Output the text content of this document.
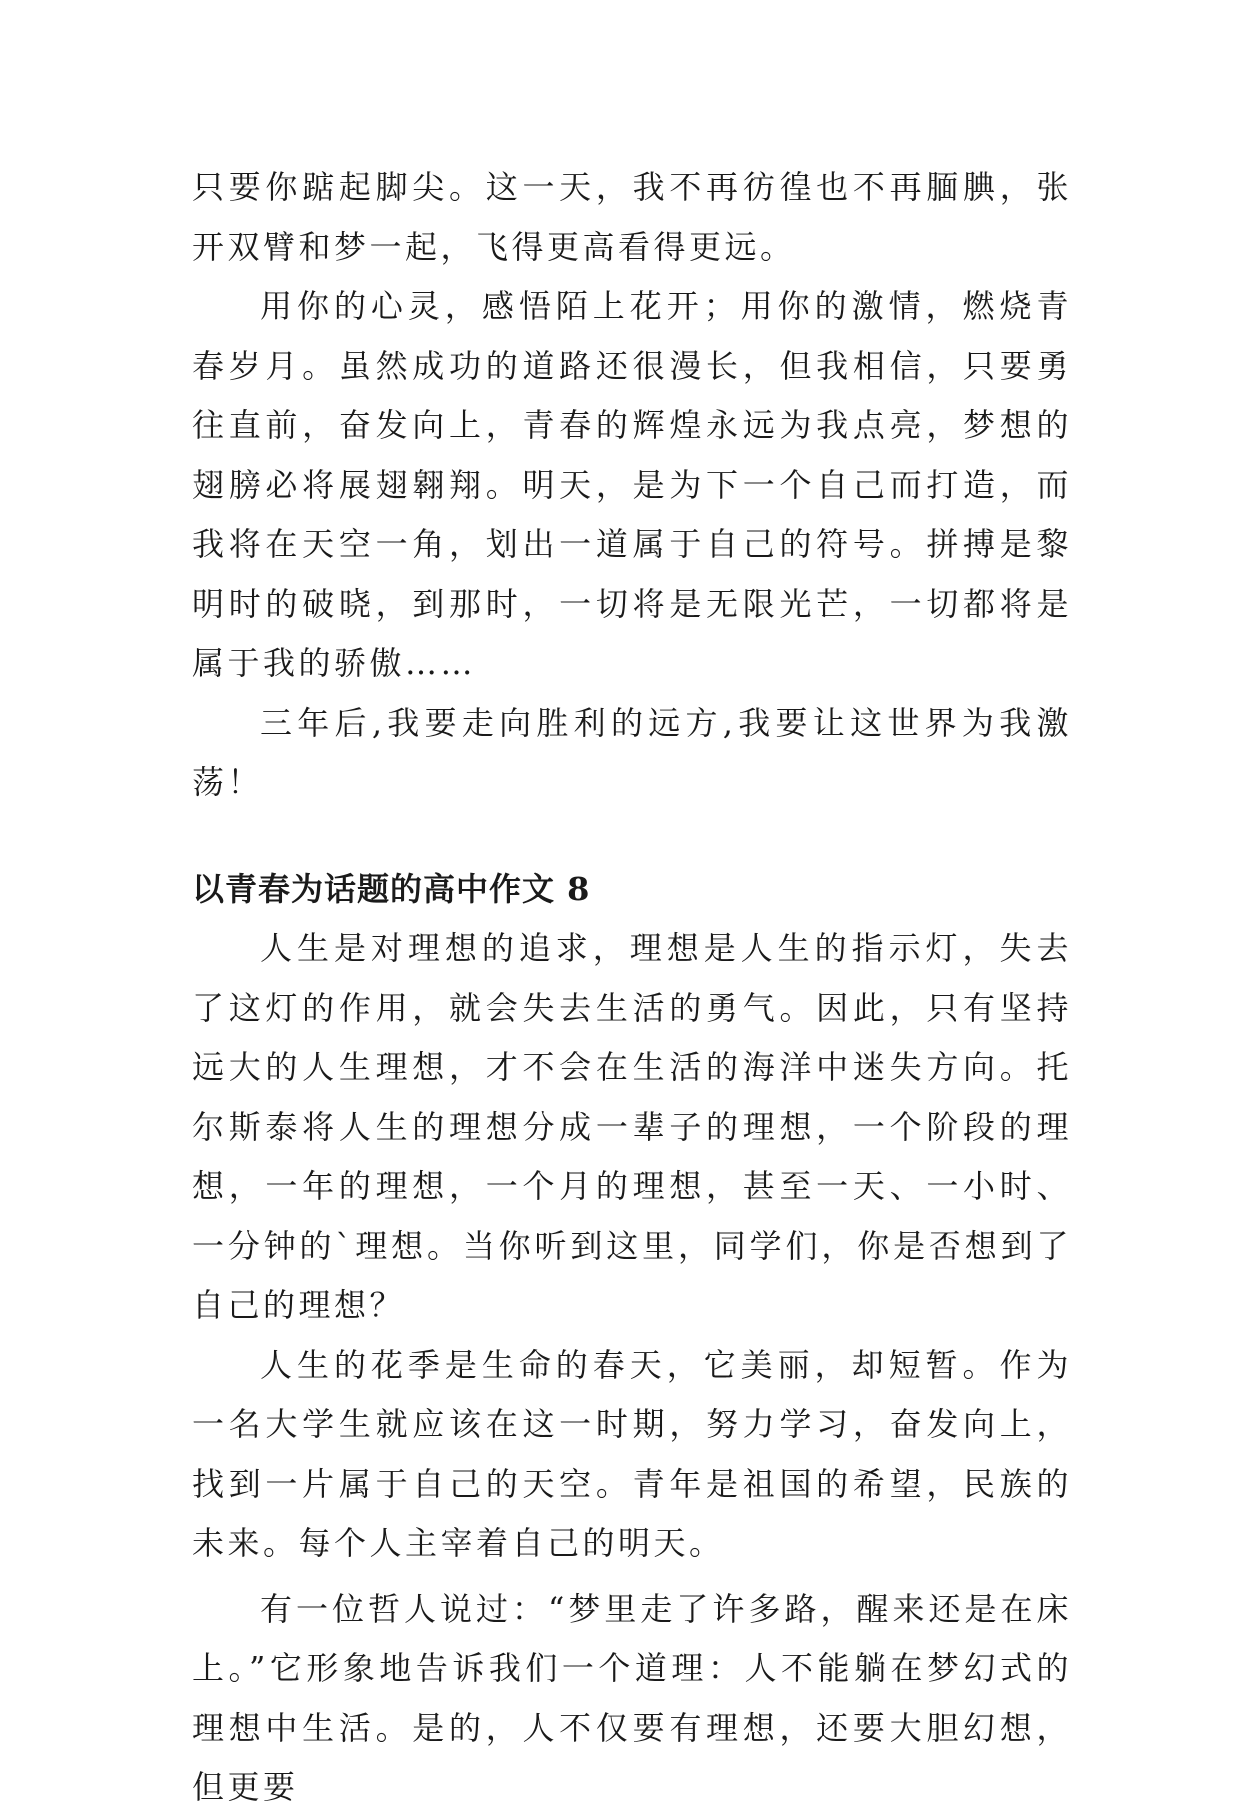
只要你踮起脚尖。这一天，我不再彷徨也不再腼腆，张开双臂和梦一起，飞得更高看得更远。

用你的心灵，感悟陌上花开；用你的激情，燃烧青春岁月。虽然成功的道路还很漫长，但我相信，只要勇往直前，奋发向上，青春的辉煌永远为我点亮，梦想的翅膀必将展翅翱翔。明天，是为下一个自己而打造，而我将在天空一角，划出一道属于自己的符号。拼搏是黎明时的破晓，到那时，一切将是无限光芒，一切都将是属于我的骄傲……

三年后,我要走向胜利的远方,我要让这世界为我激荡！

以青春为话题的高中作文 8

人生是对理想的追求，理想是人生的指示灯，失去了这灯的作用，就会失去生活的勇气。因此，只有坚持远大的人生理想，才不会在生活的海洋中迷失方向。托尔斯泰将人生的理想分成一辈子的理想，一个阶段的理想，一年的理想，一个月的理想，甚至一天、一小时、一分钟的`理想。当你听到这里，同学们，你是否想到了自己的理想？

人生的花季是生命的春天，它美丽，却短暂。作为一名大学生就应该在这一时期，努力学习，奋发向上，找到一片属于自己的天空。青年是祖国的希望，民族的未来。每个人主宰着自己的明天。

有一位哲人说过：“梦里走了许多路，醒来还是在床上。”它形象地告诉我们一个道理：人不能躺在梦幻式的理想中生活。是的，人不仅要有理想，还要大胆幻想，但更要
